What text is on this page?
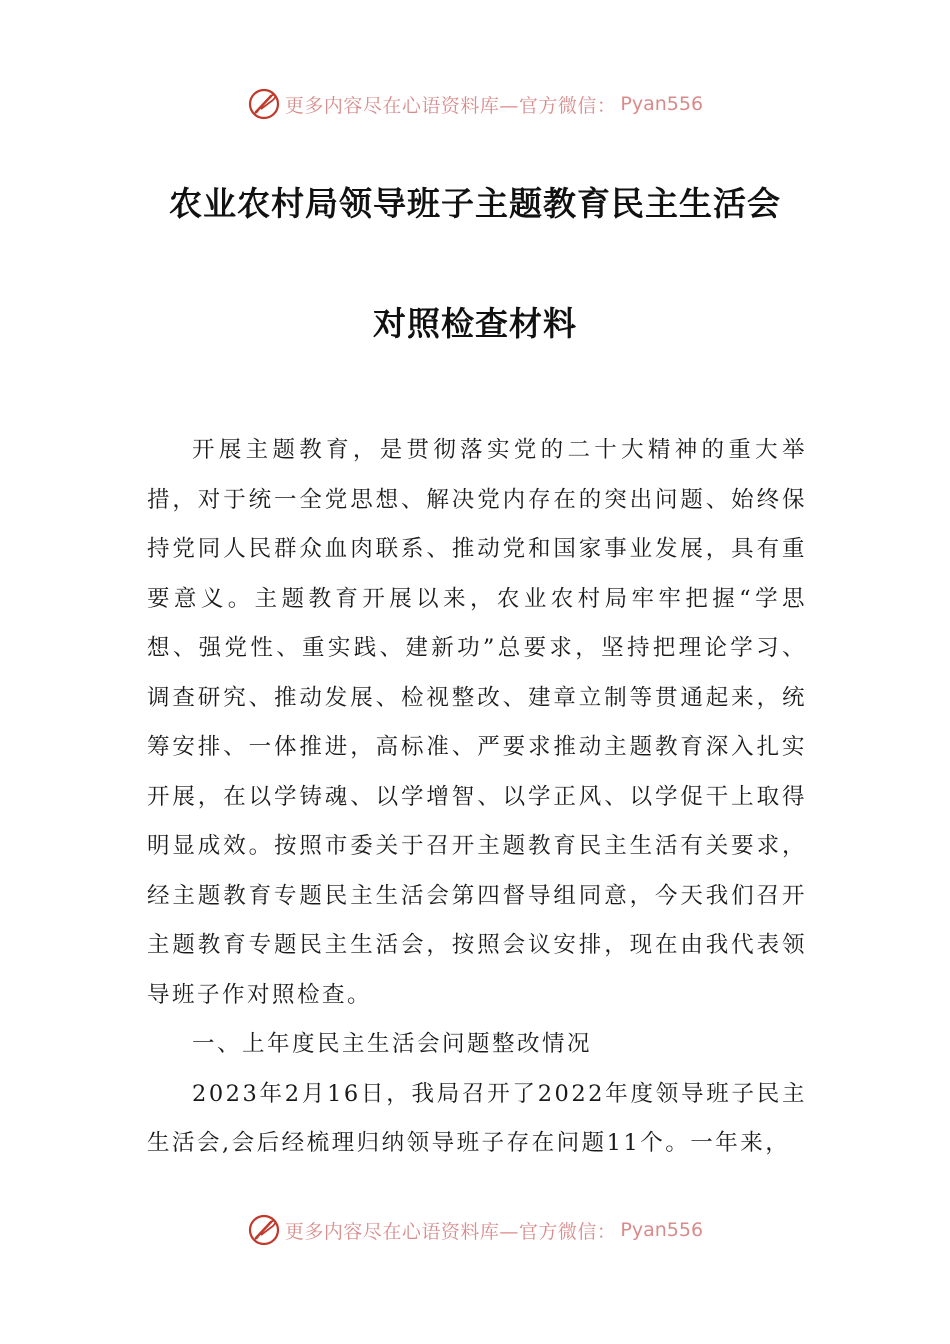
更多内容尽在心语资料库—官方微信： Pyan556
农业农村局领导班子主题教育民主生活会
对照检查材料

开展主题教育，是贯彻落实党的二十大精神的重大举措，对于统一全党思想、解决党内存在的突出问题、始终保持党同人民群众血肉联系、推动党和国家事业发展，具有重要意义。主题教育开展以来，农业农村局牢牢把握“学思想、强党性、重实践、建新功”总要求，坚持把理论学习、调查研究、推动发展、检视整改、建章立制等贯通起来，统筹安排、一体推进，高标准、严要求推动主题教育深入扎实开展，在以学铸魂、以学增智、以学正风、以学促干上取得明显成效。按照市委关于召开主题教育民主生活有关要求，经主题教育专题民主生活会第四督导组同意，今天我们召开主题教育专题民主生活会，按照会议安排，现在由我代表领导班子作对照检查。

一、上年度民主生活会问题整改情况

2023年2月16日，我局召开了2022年度领导班子民主生活会,会后经梳理归纳领导班子存在问题11个。一年来，

更多内容尽在心语资料库—官方微信： Pyan556
